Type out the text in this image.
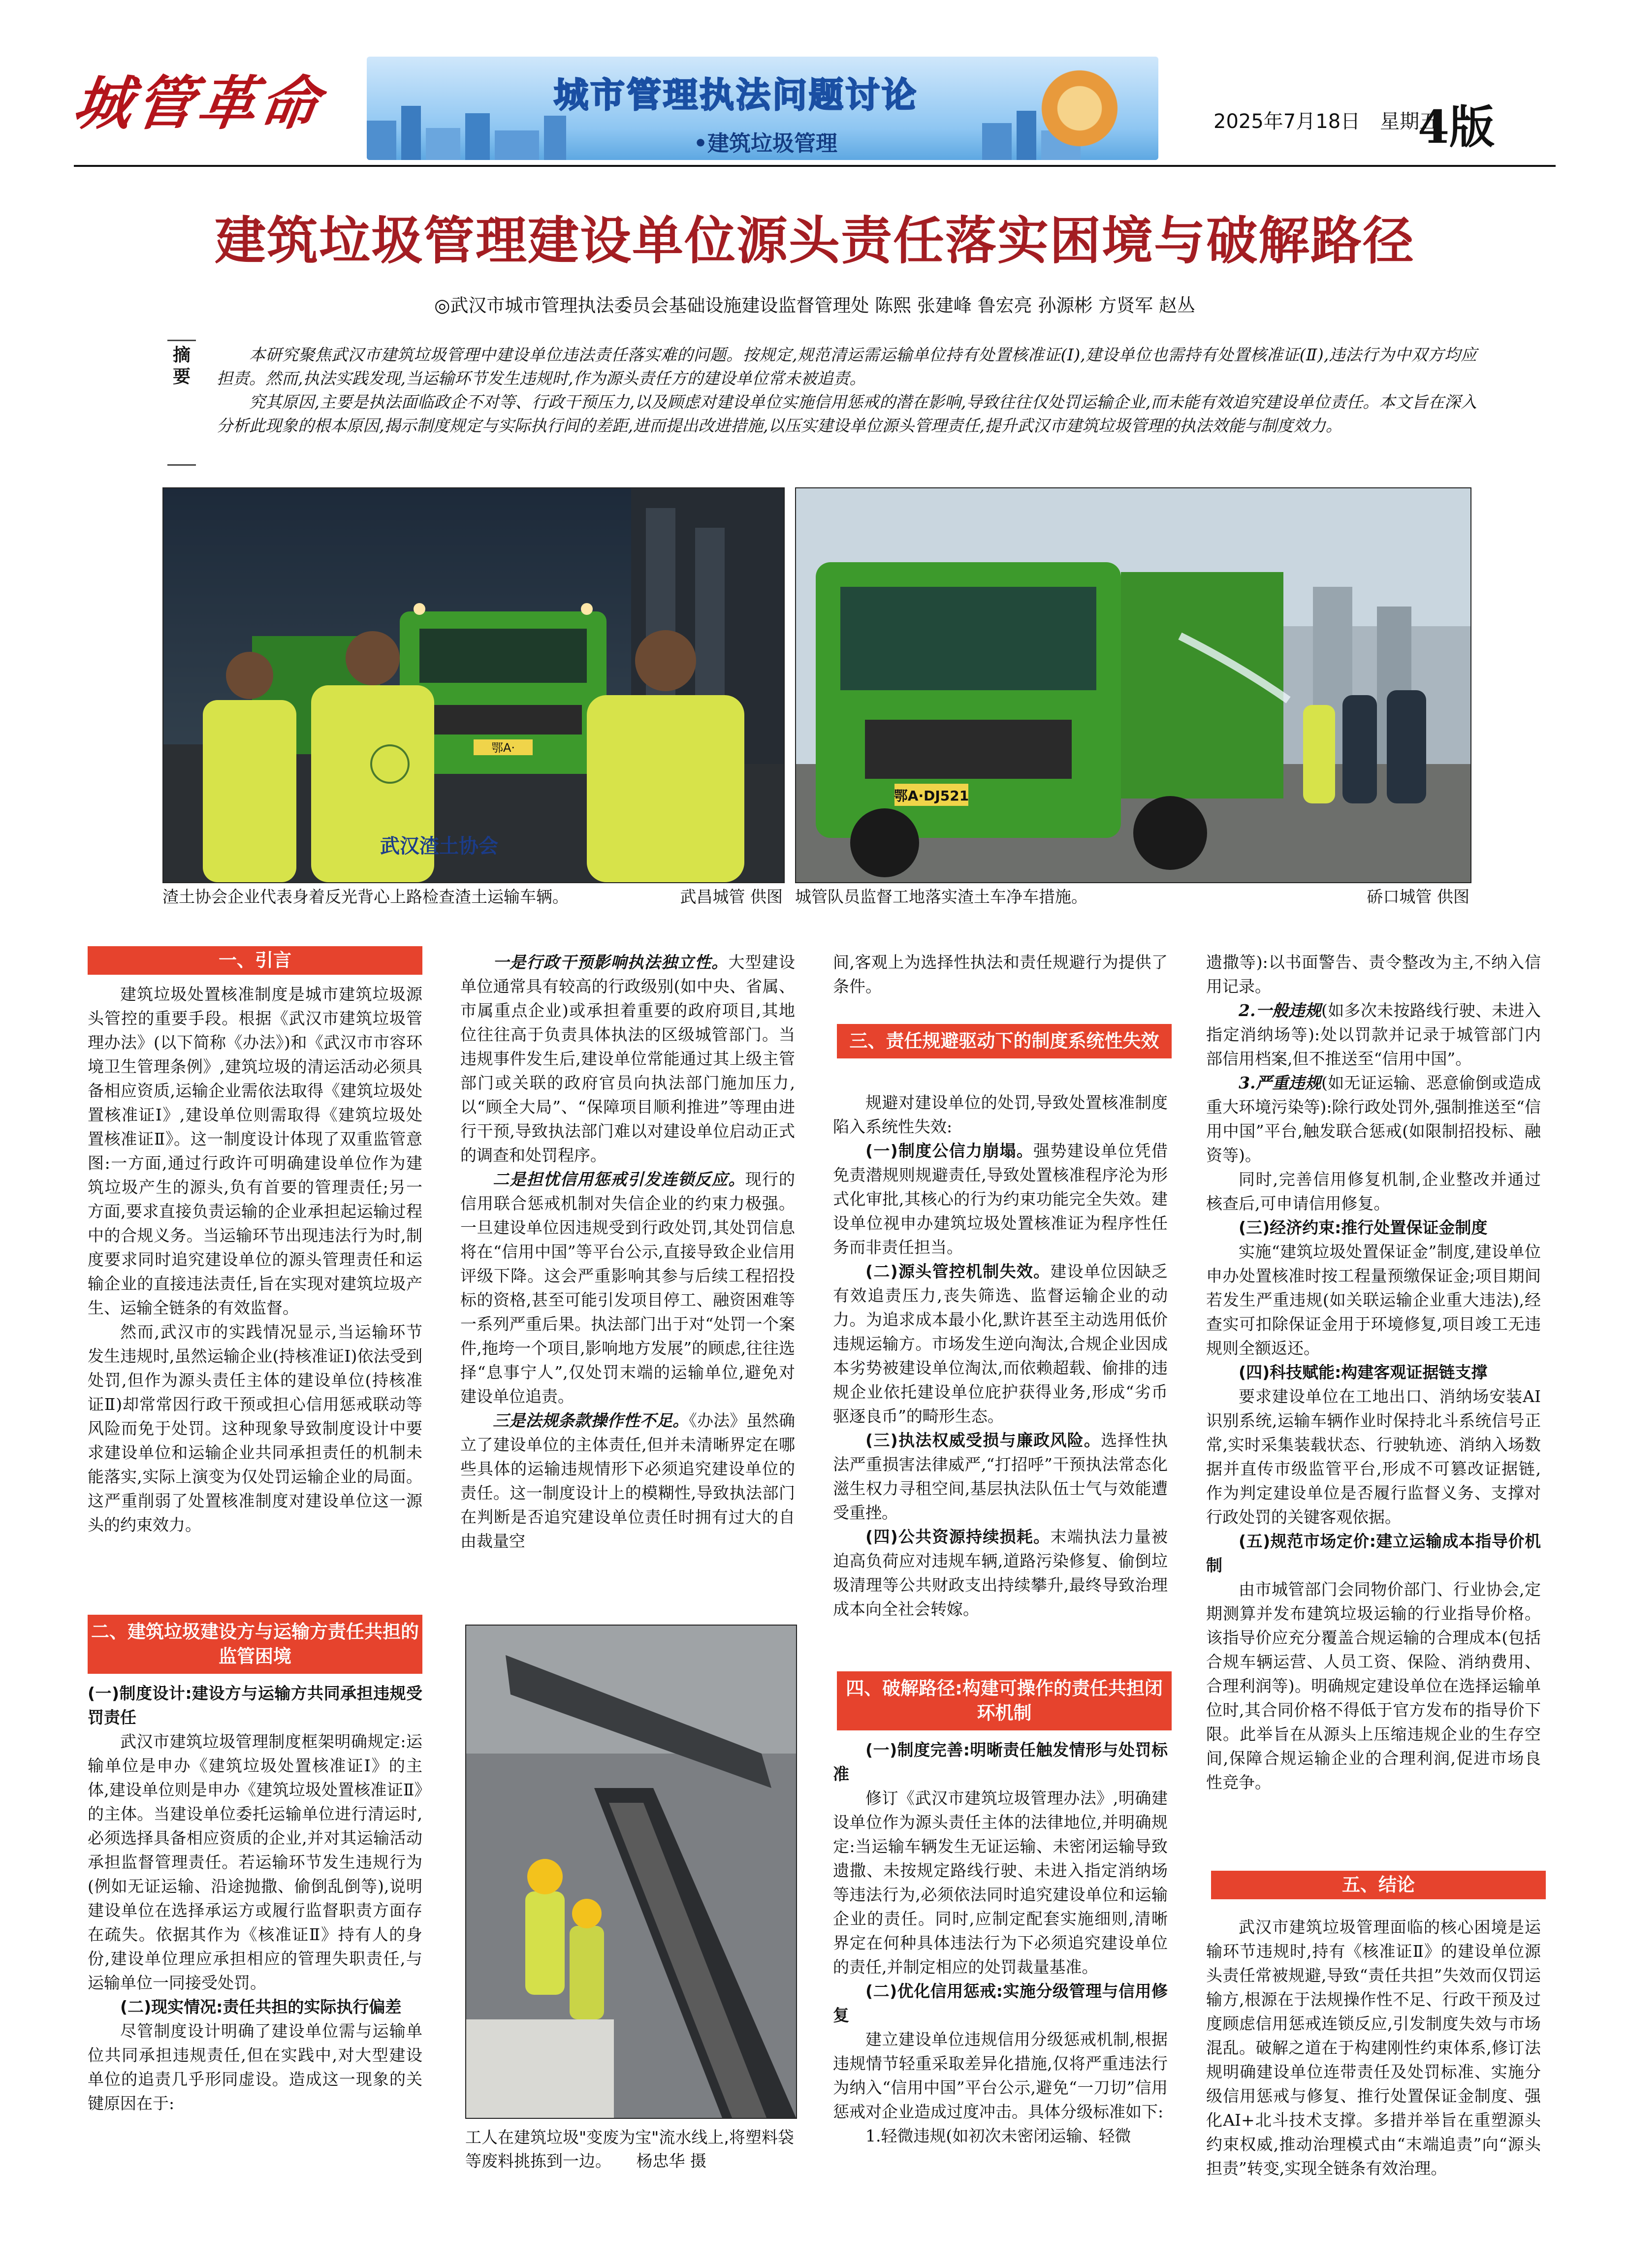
城管革命	城市管理执法问题讨论
•建筑垃圾管理
2025年7月18日　星期五
4版
建筑垃圾管理建设单位源头责任落实困境与破解路径
◎武汉市城市管理执法委员会基础设施建设监督管理处 陈熙 张建峰 鲁宏亮 孙源彬 方贤军 赵丛
摘要

本研究聚焦武汉市建筑垃圾管理中建设单位违法责任落实难的问题。按规定,规范清运需运输单位持有处置核准证(Ⅰ),建设单位也需持有处置核准证(Ⅱ),违法行为中双方均应担责。然而,执法实践发现,当运输环节发生违规时,作为源头责任方的建设单位常未被追责。

究其原因,主要是执法面临政企不对等、行政干预压力,以及顾虑对建设单位实施信用惩戒的潜在影响,导致往往仅处罚运输企业,而未能有效追究建设单位责任。本文旨在深入分析此现象的根本原因,揭示制度规定与实际执行间的差距,进而提出改进措施,以压实建设单位源头管理责任,提升武汉市建筑垃圾管理的执法效能与制度效力。

鄂A·
武汉渣土协会
渣土协会企业代表身着反光背心上路检查渣土运输车辆。	武昌城管 供图
鄂A·DJ521
城管队员监督工地落实渣土车净车措施。	硚口城管 供图
一、引言

建筑垃圾处置核准制度是城市建筑垃圾源头管控的重要手段。根据《武汉市建筑垃圾管理办法》(以下简称《办法》)和《武汉市市容环境卫生管理条例》,建筑垃圾的清运活动必须具备相应资质,运输企业需依法取得《建筑垃圾处置核准证Ⅰ》,建设单位则需取得《建筑垃圾处置核准证Ⅱ》。这一制度设计体现了双重监管意图:一方面,通过行政许可明确建设单位作为建筑垃圾产生的源头,负有首要的管理责任;另一方面,要求直接负责运输的企业承担起运输过程中的合规义务。当运输环节出现违法行为时,制度要求同时追究建设单位的源头管理责任和运输企业的直接违法责任,旨在实现对建筑垃圾产生、运输全链条的有效监督。

然而,武汉市的实践情况显示,当运输环节发生违规时,虽然运输企业(持核准证Ⅰ)依法受到处罚,但作为源头责任主体的建设单位(持核准证Ⅱ)却常常因行政干预或担心信用惩戒联动等风险而免于处罚。这种现象导致制度设计中要求建设单位和运输企业共同承担责任的机制未能落实,实际上演变为仅处罚运输企业的局面。这严重削弱了处置核准制度对建设单位这一源头的约束效力。

二、建筑垃圾建设方与运输方责任共担的监管困境

(一)制度设计:建设方与运输方共同承担违规受罚责任

武汉市建筑垃圾管理制度框架明确规定:运输单位是申办《建筑垃圾处置核准证Ⅰ》的主体,建设单位则是申办《建筑垃圾处置核准证Ⅱ》的主体。当建设单位委托运输单位进行清运时,必须选择具备相应资质的企业,并对其运输活动承担监督管理责任。若运输环节发生违规行为(例如无证运输、沿途抛撒、偷倒乱倒等),说明建设单位在选择承运方或履行监督职责方面存在疏失。依据其作为《核准证Ⅱ》持有人的身份,建设单位理应承担相应的管理失职责任,与运输单位一同接受处罚。

(二)现实情况:责任共担的实际执行偏差

尽管制度设计明确了建设单位需与运输单位共同承担违规责任,但在实践中,对大型建设单位的追责几乎形同虚设。造成这一现象的关键原因在于:

一是行政干预影响执法独立性。大型建设单位通常具有较高的行政级别(如中央、省属、市属重点企业)或承担着重要的政府项目,其地位往往高于负责具体执法的区级城管部门。当违规事件发生后,建设单位常能通过其上级主管部门或关联的政府官员向执法部门施加压力,以“顾全大局”、“保障项目顺利推进”等理由进行干预,导致执法部门难以对建设单位启动正式的调查和处罚程序。

二是担忧信用惩戒引发连锁反应。现行的信用联合惩戒机制对失信企业的约束力极强。一旦建设单位因违规受到行政处罚,其处罚信息将在“信用中国”等平台公示,直接导致企业信用评级下降。这会严重影响其参与后续工程招投标的资格,甚至可能引发项目停工、融资困难等一系列严重后果。执法部门出于对“处罚一个案件,拖垮一个项目,影响地方发展”的顾虑,往往选择“息事宁人”,仅处罚末端的运输单位,避免对建设单位追责。

三是法规条款操作性不足。《办法》虽然确立了建设单位的主体责任,但并未清晰界定在哪些具体的运输违规情形下必须追究建设单位的责任。这一制度设计上的模糊性,导致执法部门在判断是否追究建设单位责任时拥有过大的自由裁量空

工人在建筑垃圾"变废为宝"流水线上,将塑料袋等废料挑拣到一边。 杨忠华 摄

间,客观上为选择性执法和责任规避行为提供了条件。

三、责任规避驱动下的制度系统性失效

规避对建设单位的处罚,导致处置核准制度陷入系统性失效:

(一)制度公信力崩塌。强势建设单位凭借免责潜规则规避责任,导致处置核准程序沦为形式化审批,其核心的行为约束功能完全失效。建设单位视申办建筑垃圾处置核准证为程序性任务而非责任担当。

(二)源头管控机制失效。建设单位因缺乏有效追责压力,丧失筛选、监督运输企业的动力。为追求成本最小化,默许甚至主动选用低价违规运输方。市场发生逆向淘汰,合规企业因成本劣势被建设单位淘汰,而依赖超载、偷排的违规企业依托建设单位庇护获得业务,形成“劣币驱逐良币”的畸形生态。

(三)执法权威受损与廉政风险。选择性执法严重损害法律威严,“打招呼”干预执法常态化滋生权力寻租空间,基层执法队伍士气与效能遭受重挫。

(四)公共资源持续损耗。末端执法力量被迫高负荷应对违规车辆,道路污染修复、偷倒垃圾清理等公共财政支出持续攀升,最终导致治理成本向全社会转嫁。

四、破解路径:构建可操作的责任共担闭环机制

(一)制度完善:明晰责任触发情形与处罚标准

修订《武汉市建筑垃圾管理办法》,明确建设单位作为源头责任主体的法律地位,并明确规定:当运输车辆发生无证运输、未密闭运输导致遗撒、未按规定路线行驶、未进入指定消纳场等违法行为,必须依法同时追究建设单位和运输企业的责任。同时,应制定配套实施细则,清晰界定在何种具体违法行为下必须追究建设单位的责任,并制定相应的处罚裁量基准。

(二)优化信用惩戒:实施分级管理与信用修复

建立建设单位违规信用分级惩戒机制,根据违规情节轻重采取差异化措施,仅将严重违法行为纳入“信用中国”平台公示,避免“一刀切”信用惩戒对企业造成过度冲击。具体分级标准如下:

1.轻微违规(如初次未密闭运输、轻微

遗撒等):以书面警告、责令整改为主,不纳入信用记录。

2.一般违规(如多次未按路线行驶、未进入指定消纳场等):处以罚款并记录于城管部门内部信用档案,但不推送至“信用中国”。

3.严重违规(如无证运输、恶意偷倒或造成重大环境污染等):除行政处罚外,强制推送至“信用中国”平台,触发联合惩戒(如限制招投标、融资等)。

同时,完善信用修复机制,企业整改并通过核查后,可申请信用修复。

(三)经济约束:推行处置保证金制度

实施“建筑垃圾处置保证金”制度,建设单位申办处置核准时按工程量预缴保证金;项目期间若发生严重违规(如关联运输企业重大违法),经查实可扣除保证金用于环境修复,项目竣工无违规则全额返还。

(四)科技赋能:构建客观证据链支撑

要求建设单位在工地出口、消纳场安装AI识别系统,运输车辆作业时保持北斗系统信号正常,实时采集装载状态、行驶轨迹、消纳入场数据并直传市级监管平台,形成不可篡改证据链,作为判定建设单位是否履行监督义务、支撑对行政处罚的关键客观依据。

(五)规范市场定价:建立运输成本指导价机制

由市城管部门会同物价部门、行业协会,定期测算并发布建筑垃圾运输的行业指导价格。该指导价应充分覆盖合规运输的合理成本(包括合规车辆运营、人员工资、保险、消纳费用、合理利润等)。明确规定建设单位在选择运输单位时,其合同价格不得低于官方发布的指导价下限。此举旨在从源头上压缩违规企业的生存空间,保障合规运输企业的合理利润,促进市场良性竞争。

五、结论

武汉市建筑垃圾管理面临的核心困境是运输环节违规时,持有《核准证Ⅱ》的建设单位源头责任常被规避,导致“责任共担”失效而仅罚运输方,根源在于法规操作性不足、行政干预及过度顾虑信用惩戒连锁反应,引发制度失效与市场混乱。破解之道在于构建刚性约束体系,修订法规明确建设单位连带责任及处罚标准、实施分级信用惩戒与修复、推行处置保证金制度、强化AI+北斗技术支撑。多措并举旨在重塑源头约束权威,推动治理模式由“末端追责”向“源头担责”转变,实现全链条有效治理。
